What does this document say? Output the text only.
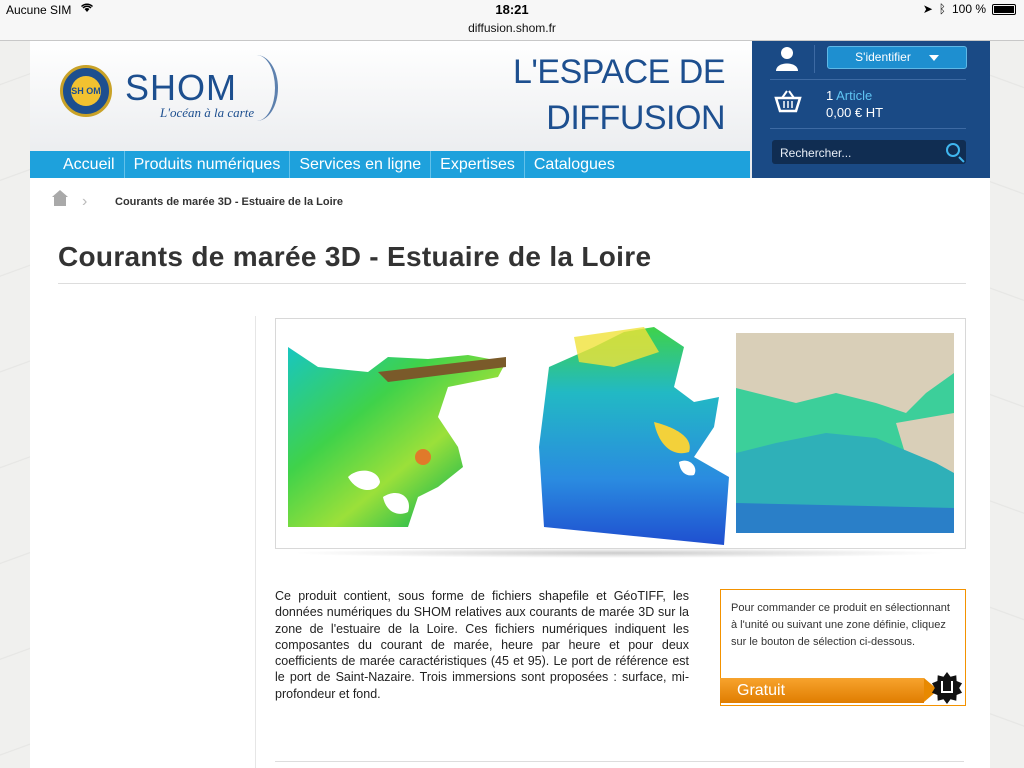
Aucune SIM	18:21
diffusion.shom.fr
➤ ᛒ 100 %
SH OM SHOM
L'océan à la carte
L'ESPACE DE
DIFFUSION
Accueil	Produits numériques	Services en ligne	Expertises	Catalogues
S'identifier
1 Article
0,00 € HT
Rechercher...
›	Courants de marée 3D - Estuaire de la Loire
Courants de marée 3D - Estuaire de la Loire

Ce produit contient, sous forme de fichiers shapefile et GéoTIFF, les données numériques du SHOM relatives aux courants de marée 3D sur la zone de l'estuaire de la Loire. Ces fichiers numériques indiquent les composantes du courant de marée, heure par heure et pour deux coefficients de marée caractéristiques (45 et 95). Le port de référence est le port de Saint-Nazaire. Trois immersions sont proposées : surface, mi-profondeur et fond.

Pour commander ce produit en sélectionnant à l'unité ou suivant une zone définie, cliquez sur le bouton de sélection ci-dessous.
Gratuit
